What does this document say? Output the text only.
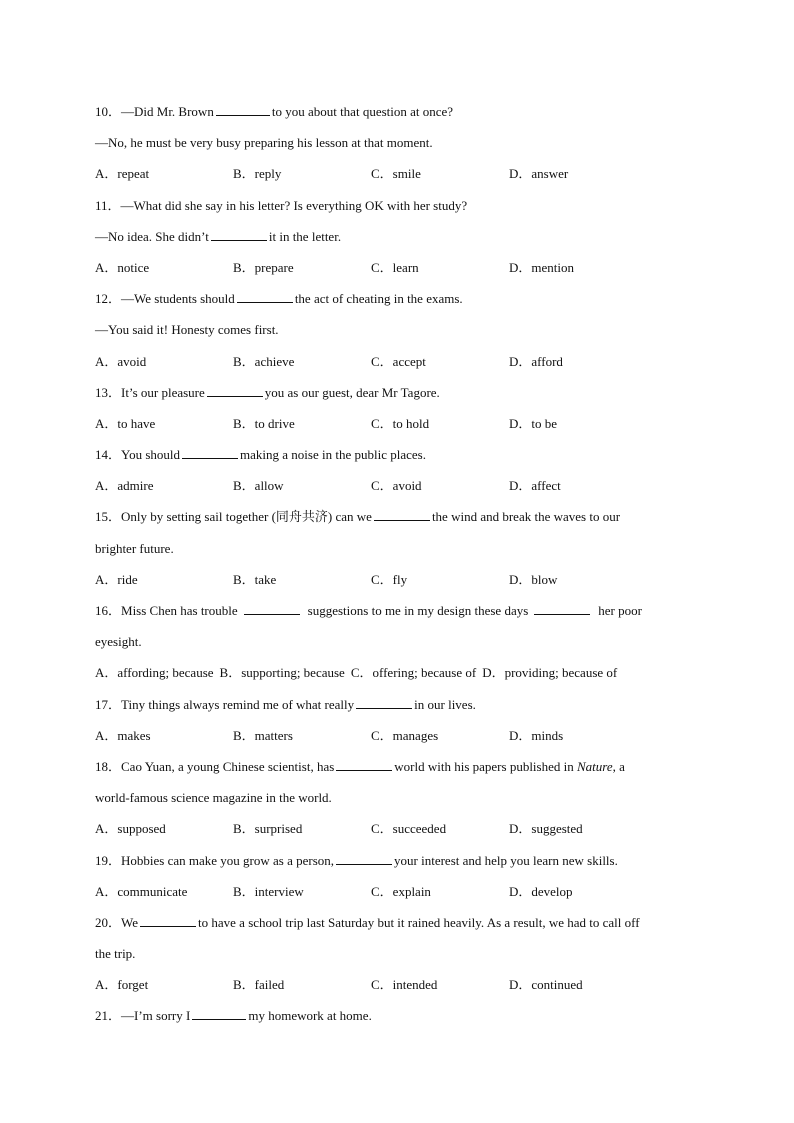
10．—Did Mr. Brown	to you about that question at once?
—No, he must be very busy preparing his lesson at that moment.
A．repeat	B．reply	C．smile	D．answer
11．—What did she say in his letter? Is everything OK with her study?
—No idea. She didn’t	it in the letter.
A．notice	B．prepare	C．learn	D．mention
12．—We students should	the act of cheating in the exams.
—You said it! Honesty comes first.
A．avoid	B．achieve	C．accept	D．afford
13．It’s our pleasure	you as our guest, dear Mr Tagore.
A．to have	B．to drive	C．to hold	D．to be
14．You should	making a noise in the public places.
A．admire	B．allow	C．avoid	D．affect
15．Only by setting sail together (同舟共济) can we	the wind and break the waves to our
brighter future.
A．ride	B．take	C．fly	D．blow
16．Miss Chen has trouble	suggestions to me in my design these days	her poor
eyesight.
A．affording; because B．supporting; because C．offering; because of D．providing; because of
17．Tiny things always remind me of what really	in our lives.
A．makes	B．matters	C．manages	D．minds
18．Cao Yuan, a young Chinese scientist, has	world with his papers published in Nature, a
world-famous science magazine in the world.
A．supposed	B．surprised	C．succeeded	D．suggested
19．Hobbies can make you grow as a person,	your interest and help you learn new skills.
A．communicate	B．interview	C．explain	D．develop
20．We	to have a school trip last Saturday but it rained heavily. As a result, we had to call off
the trip.
A．forget	B．failed	C．intended	D．continued
21．—I’m sorry I	my homework at home.
